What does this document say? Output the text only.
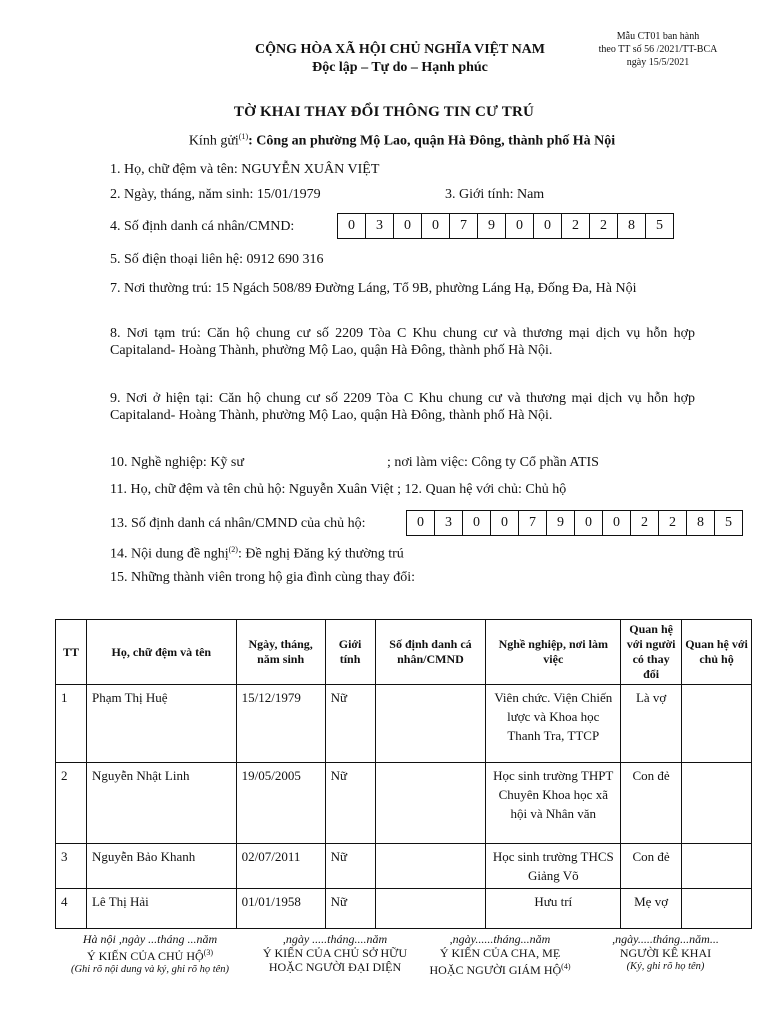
CỘNG HÒA XÃ HỘI CHỦ NGHĨA VIỆT NAM
Độc lập – Tự do – Hạnh phúc
Mẫu CT01 ban hành
theo TT số 56 /2021/TT-BCA
ngày 15/5/2021
TỜ KHAI THAY ĐỔI THÔNG TIN CƯ TRÚ
Kính gửi$^{(1)}$: Công an phường Mộ Lao, quận Hà Đông, thành phố Hà Nội
1. Họ, chữ đệm và tên: NGUYỄN XUÂN VIỆT
2. Ngày, tháng, năm sinh: 15/01/1979	3. Giới tính: Nam
4. Số định danh cá nhân/CMND:	0	3	0	0	7	9	0	0	2	2	8	5
5. Số điện thoại liên hệ: 0912 690 316
7. Nơi thường trú: 15 Ngách 508/89 Đường Láng, Tổ 9B, phường Láng Hạ, Đống Đa, Hà Nội
8. Nơi tạm trú: Căn hộ chung cư số 2209 Tòa C Khu chung cư và thương mại dịch vụ hỗn hợp Capitaland- Hoàng Thành, phường Mộ Lao, quận Hà Đông, thành phố Hà Nội.
9. Nơi ở hiện tại: Căn hộ chung cư số 2209 Tòa C Khu chung cư và thương mại dịch vụ hỗn hợp Capitaland- Hoàng Thành, phường Mộ Lao, quận Hà Đông, thành phố Hà Nội.
10. Nghề nghiệp: Kỹ sư	; nơi làm việc: Công ty Cổ phần ATIS
11. Họ, chữ đệm và tên chủ hộ: Nguyễn Xuân Việt ; 12. Quan hệ với chủ: Chủ hộ
13. Số định danh cá nhân/CMND của chủ hộ:	0	3	0	0	7	9	0	0	2	2	8	5
14. Nội dung đề nghị$^{(2)}$: Đề nghị Đăng ký thường trú
15. Những thành viên trong hộ gia đình cùng thay đổi:
TT	Họ, chữ đệm và tên	Ngày, tháng, năm sinh	Giới tính	Số định danh cá nhân/CMND	Nghề nghiệp, nơi làm việc	Quan hệ với người có thay đổi	Quan hệ với chủ hộ
1	Phạm Thị Huệ	15/12/1979	Nữ		Viên chức. Viện Chiến lược và Khoa học Thanh Tra, TTCP	Là vợ	
2	Nguyễn Nhật Linh	19/05/2005	Nữ		Học sinh trường THPT Chuyên Khoa học xã hội và Nhân văn	Con đẻ	
3	Nguyễn Bảo Khanh	02/07/2011	Nữ		Học sinh trường THCS Giảng Võ	Con đẻ	
4	Lê Thị Hải	01/01/1958	Nữ		Hưu trí	Mẹ vợ	
Hà nội ,ngày ...tháng ...năm
Ý KIẾN CỦA CHỦ HỘ$^{(3)}$
(Ghi rõ nội dung và ký, ghi rõ họ tên)
,ngày .....tháng....năm
Ý KIẾN CỦA CHỦ SỞ HỮU
HOẶC NGƯỜI ĐẠI DIỆN
,ngày......tháng...năm
Ý KIẾN CỦA CHA, MẸ
HOẶC NGƯỜI GIÁM HỘ$^{(4)}$
,ngày.....tháng...năm...
NGƯỜI KÊ KHAI
(Ký, ghi rõ họ tên)
